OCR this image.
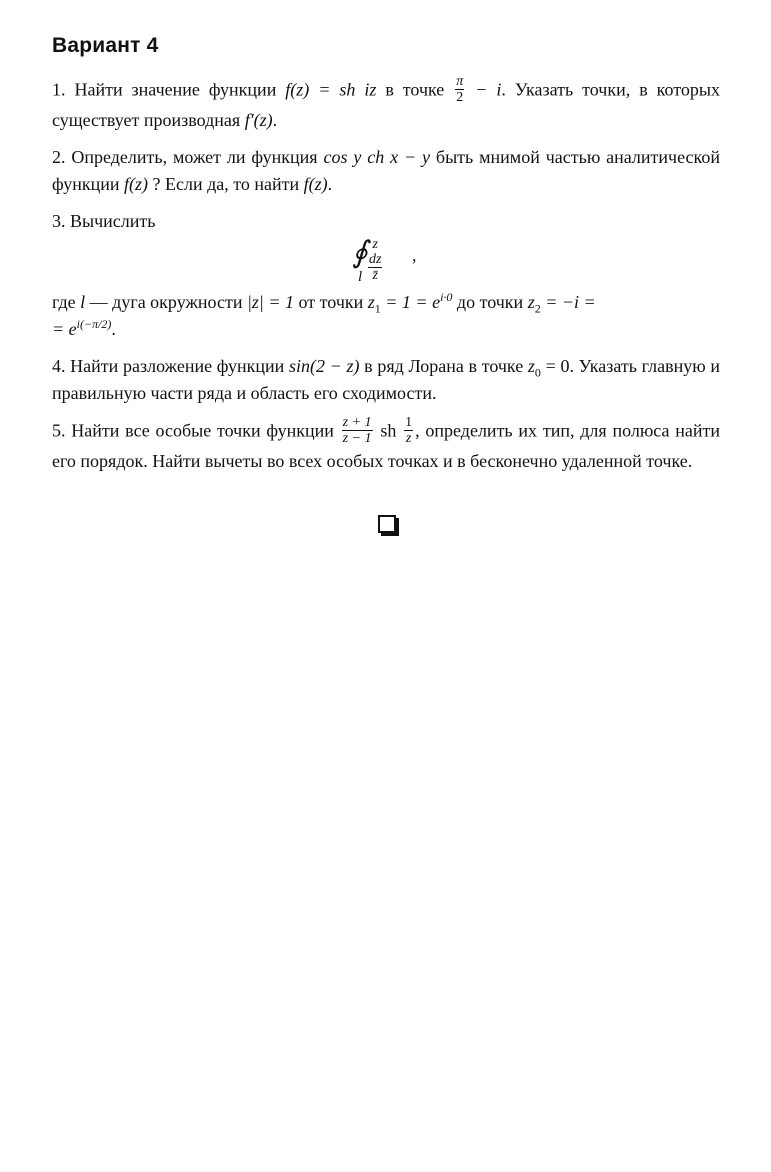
Вариант 4

1. Найти значение функции f(z) = sh iz в точке $\frac{\pi}{2} - i$. Указать точки, в которых существует производная f′(z).

2. Определить, может ли функция cos y ch x − y быть мнимой частью аналитической функции f(z) ? Если да, то найти f(z).

3. Вычислить
∮ $\frac{\text{z dz}}{z̄}$ ,
l

где l — дуга окружности |z| = 1 от точки $z_1 = 1 = e^{i\cdot 0}$ до точки $z_2 = -i$ =
= $e^{i(-\pi/2)}$.

4. Найти разложение функции sin(2 − z) в ряд Лорана в точке $z_0 = 0$. Указать главную и правильную части ряда и область его сходимости.

5. Найти все особые точки функции $\frac{z + 1}{z - 1}$ sh $\frac{1}{z}$ , определить их тип, для полюса найти его порядок. Найти вычеты во всех особых точках и в бесконечно удаленной точке.
